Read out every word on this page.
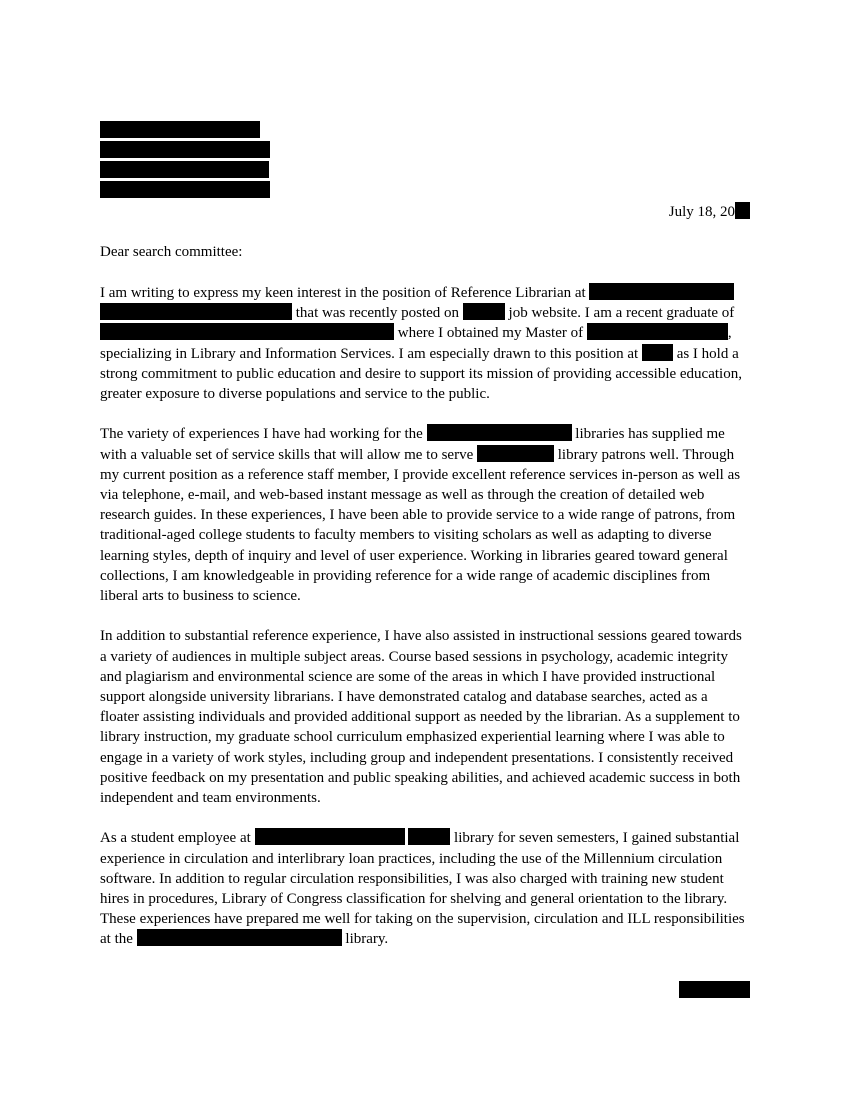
July 18, 20
Dear search committee:

I am writing to express my keen interest in the position of Reference Librarian at   that was recently posted on	job website. I am a recent graduate of  where I obtained my Master of	, specializing in Library and Information Services. I am especially drawn to this position at	as I hold a strong commitment to public education and desire to support its mission of providing accessible education, greater exposure to diverse populations and service to the public.

The variety of experiences I have had working for the	libraries has supplied me with a valuable set of service skills that will allow me to serve	library patrons well. Through my current position as a reference staff member, I provide excellent reference services in-person as well as via telephone, e-mail, and web-based instant message as well as through the creation of detailed web research guides. In these experiences, I have been able to provide service to a wide range of patrons, from traditional-aged college students to faculty members to visiting scholars as well as adapting to diverse learning styles, depth of inquiry and level of user experience. Working in libraries geared toward general collections, I am knowledgeable in providing reference for a wide range of academic disciplines from liberal arts to business to science.

In addition to substantial reference experience, I have also assisted in instructional sessions geared towards a variety of audiences in multiple subject areas. Course based sessions in psychology, academic integrity and plagiarism and environmental science are some of the areas in which I have provided instructional support alongside university librarians. I have demonstrated catalog and database searches, acted as a floater assisting individuals and provided additional support as needed by the librarian. As a supplement to library instruction, my graduate school curriculum emphasized experiential learning where I was able to engage in a variety of work styles, including group and independent presentations. I consistently received positive feedback on my presentation and public speaking abilities, and achieved academic success in both independent and team environments.

As a student employee at	library for seven semesters, I gained substantial experience in circulation and interlibrary loan practices, including the use of the Millennium circulation software. In addition to regular circulation responsibilities, I was also charged with training new student hires in procedures, Library of Congress classification for shelving and general orientation to the library. These experiences have prepared me well for taking on the supervision, circulation and ILL responsibilities at the	library.
